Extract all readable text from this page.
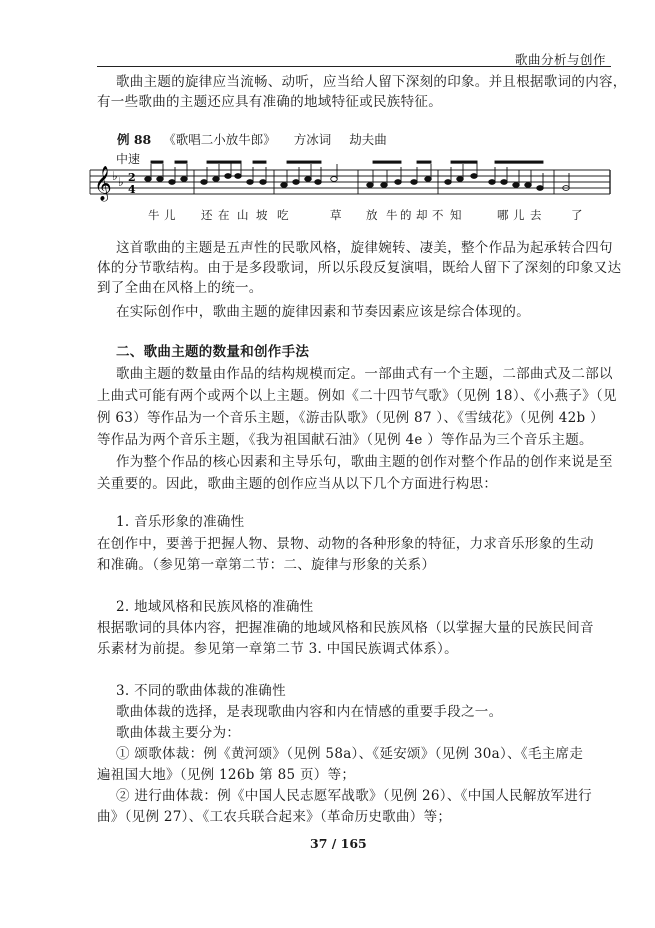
歌曲分析与创作
歌曲主题的旋律应当流畅、动听，应当给人留下深刻的印象。并且根据歌词的内容，
有一些歌曲的主题还应具有准确的地域特征或民族特征。
例 88 《歌唱二小放牛郎》 方冰词 劫夫曲
中速
𝄞 ♭ ♭ 2
4
牛 儿 还 在 山 坡 吃	草 放 牛 的 却 不 知	哪 儿 去	了
这首歌曲的主题是五声性的民歌风格，旋律婉转、凄美，整个作品为起承转合四句
体的分节歌结构。由于是多段歌词，所以乐段反复演唱，既给人留下了深刻的印象又达
到了全曲在风格上的统一。
在实际创作中，歌曲主题的旋律因素和节奏因素应该是综合体现的。
二、歌曲主题的数量和创作手法
歌曲主题的数量由作品的结构规模而定。一部曲式有一个主题，二部曲式及二部以
上曲式可能有两个或两个以上主题。例如《二十四节气歌》（见例 18）、《小燕子》（见
例 63）等作品为一个音乐主题，《游击队歌》（见例 87 ）、《雪绒花》（见例 42b ）
等作品为两个音乐主题，《我为祖国献石油》（见例 4e ）等作品为三个音乐主题。
作为整个作品的核心因素和主导乐句，歌曲主题的创作对整个作品的创作来说是至
关重要的。因此，歌曲主题的创作应当从以下几个方面进行构思：
1. 音乐形象的准确性
在创作中，要善于把握人物、景物、动物的各种形象的特征，力求音乐形象的生动
和准确。（参见第一章第二节：二、旋律与形象的关系）
2. 地域风格和民族风格的准确性
根据歌词的具体内容，把握准确的地域风格和民族风格（以掌握大量的民族民间音
乐素材为前提。参见第一章第二节 3. 中国民族调式体系）。
3. 不同的歌曲体裁的准确性
歌曲体裁的选择，是表现歌曲内容和内在情感的重要手段之一。
歌曲体裁主要分为：
① 颂歌体裁：例《黄河颂》（见例 58a）、《延安颂》（见例 30a）、《毛主席走
遍祖国大地》（见例 126b 第 85 页）等；
② 进行曲体裁：例《中国人民志愿军战歌》（见例 26）、《中国人民解放军进行
曲》（见例 27）、《工农兵联合起来》（革命历史歌曲）等；
37 / 165
